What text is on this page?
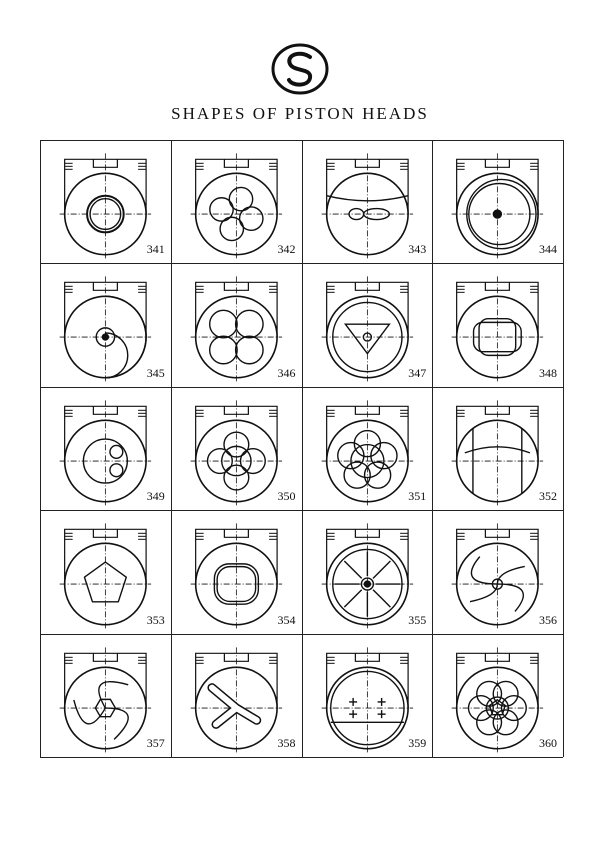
SHAPES OF PISTON HEADS
341	342	343	344
345	346	347	348
349	350	351	352
353	354	355	356
357	358	359	360
